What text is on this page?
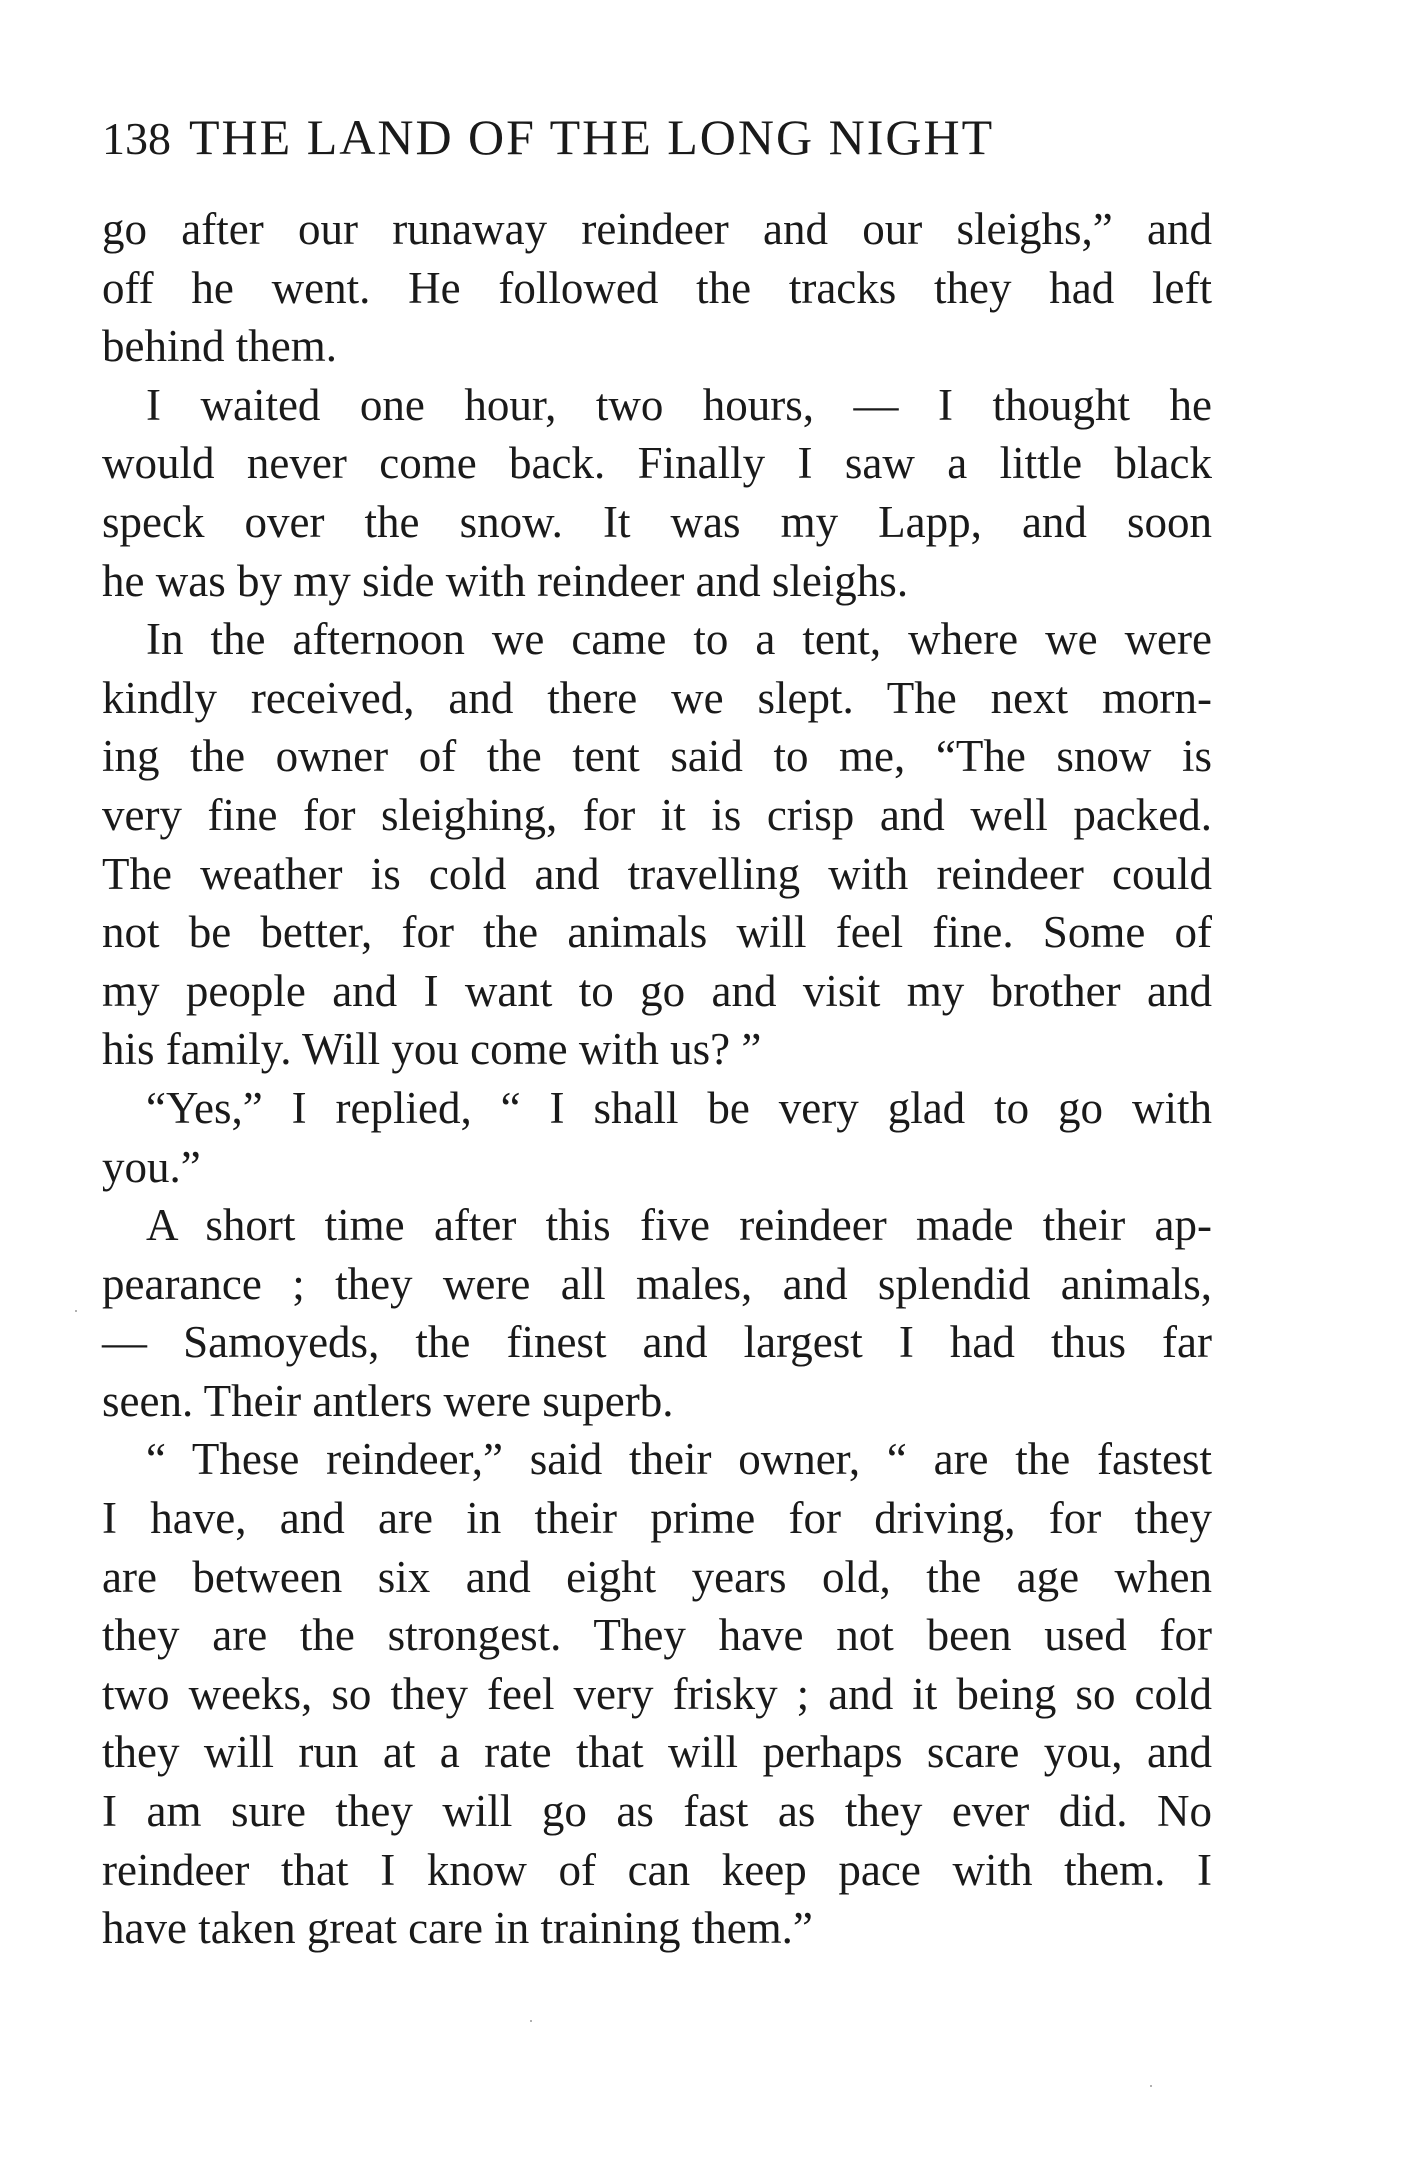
138 THE LAND OF THE LONG NIGHT
go after our runaway reindeer and our sleighs,” and
off he went. He followed the tracks they had left
behind them.
I waited one hour, two hours, — I thought he
would never come back. Finally I saw a little black
speck over the snow. It was my Lapp, and soon
he was by my side with reindeer and sleighs.
In the afternoon we came to a tent, where we were
kindly received, and there we slept. The next morn-
ing the owner of the tent said to me, “The snow is
very fine for sleighing, for it is crisp and well packed.
The weather is cold and travelling with reindeer could
not be better, for the animals will feel fine. Some of
my people and I want to go and visit my brother and
his family. Will you come with us? ”
“Yes,” I replied, “ I shall be very glad to go with
you.”
A short time after this five reindeer made their ap-
pearance ; they were all males, and splendid animals,
— Samoyeds, the finest and largest I had thus far
seen. Their antlers were superb.
“ These reindeer,” said their owner, “ are the fastest
I have, and are in their prime for driving, for they
are between six and eight years old, the age when
they are the strongest. They have not been used for
two weeks, so they feel very frisky ; and it being so cold
they will run at a rate that will perhaps scare you, and
I am sure they will go as fast as they ever did. No
reindeer that I know of can keep pace with them. I
have taken great care in training them.”
